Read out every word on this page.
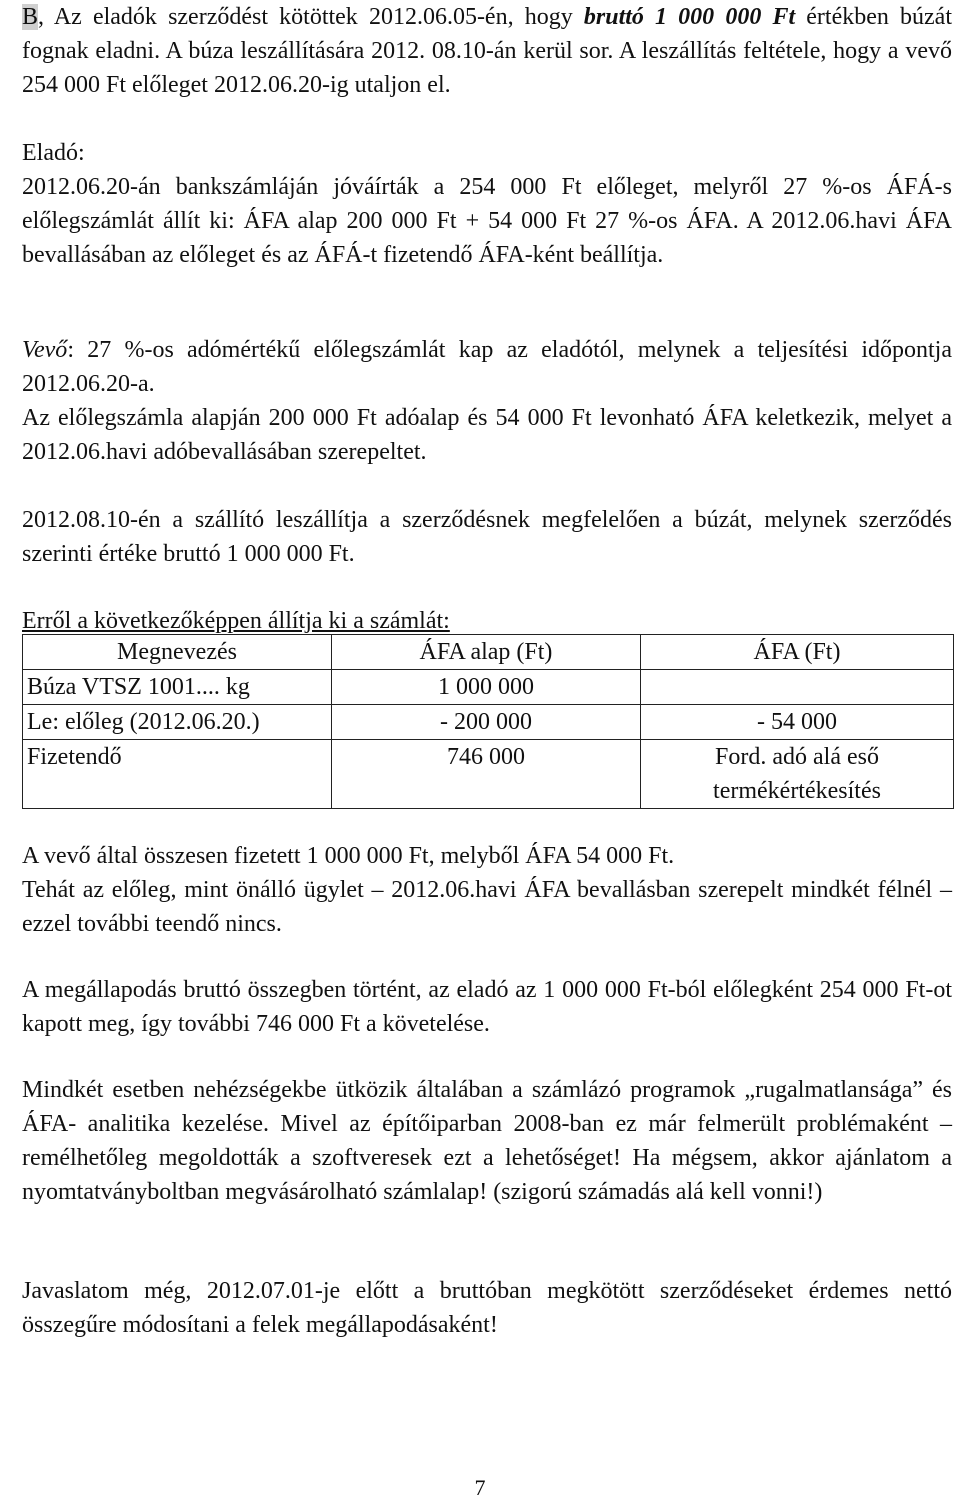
B, Az eladók szerződést kötöttek 2012.06.05-én, hogy bruttó 1 000 000 Ft értékben búzát fognak eladni. A búza leszállítására 2012. 08.10-án kerül sor. A leszállítás feltétele, hogy a vevő 254 000 Ft előleget 2012.06.20-ig utaljon el.

Eladó:

2012.06.20-án bankszámláján jóváírták a 254 000 Ft előleget, melyről 27 %-os ÁFÁ-s előlegszámlát állít ki: ÁFA alap 200 000 Ft + 54 000 Ft 27 %-os ÁFA. A 2012.06.havi ÁFA bevallásában az előleget és az ÁFÁ-t fizetendő ÁFA-ként beállítja.

Vevő: 27 %-os adómértékű előlegszámlát kap az eladótól, melynek a teljesítési időpontja 2012.06.20-a.

Az előlegszámla alapján 200 000 Ft adóalap és 54 000 Ft levonható ÁFA keletkezik, melyet a 2012.06.havi adóbevallásában szerepeltet.

2012.08.10-én a szállító leszállítja a szerződésnek megfelelően a búzát, melynek szerződés szerinti értéke bruttó 1 000 000 Ft.

Erről a következőképpen állítja ki a számlát:

Megnevezés	ÁFA alap (Ft)	ÁFA (Ft)
Búza VTSZ 1001.... kg	1 000 000	
Le: előleg (2012.06.20.)	- 200 000	- 54 000
Fizetendő	746 000	Ford. adó alá eső termékértékesítés

A vevő által összesen fizetett 1 000 000 Ft, melyből ÁFA 54 000 Ft.

Tehát az előleg, mint önálló ügylet – 2012.06.havi ÁFA bevallásban szerepelt mindkét félnél –ezzel további teendő nincs.

A megállapodás bruttó összegben történt, az eladó az 1 000 000 Ft-ból előlegként 254 000 Ft-ot kapott meg, így további 746 000 Ft a követelése.

Mindkét esetben nehézségekbe ütközik általában a számlázó programok „rugalmatlansága” és ÁFA- analitika kezelése. Mivel az építőiparban 2008-ban ez már felmerült problémaként – remélhetőleg megoldották a szoftveresek ezt a lehetőséget! Ha mégsem, akkor ajánlatom a nyomtatványboltban megvásárolható számlalap! (szigorú számadás alá kell vonni!)

Javaslatom még, 2012.07.01-je előtt a bruttóban megkötött szerződéseket érdemes nettó összegűre módosítani a felek megállapodásaként!

7
